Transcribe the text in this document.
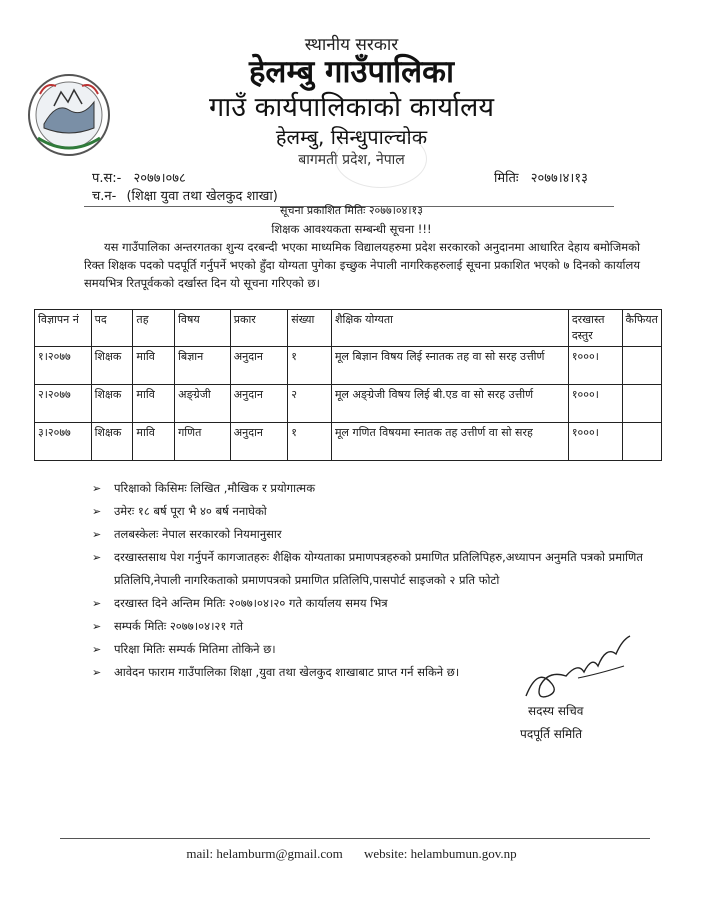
स्थानीय सरकार
हेलम्बु गाउँपालिका
गाउँ कार्यपालिकाको कार्यालय
हेलम्बु, सिन्धुपाल्चोक
बागमती प्रदेश, नेपाल
प.स:- २०७७।०७८
च.न- (शिक्षा युवा तथा खेलकुद शाखा)
मितिः २०७७।४।१३
सूचना प्रकाशित मितिः २०७७।०४।१३
शिक्षक आवश्यकता सम्बन्धी सूचना !!!
यस गाउँपालिका अन्तरगतका शुन्य दरबन्दी भएका माध्यमिक विद्यालयहरुमा प्रदेश सरकारको अनुदानमा आधारित देहाय बमोजिमको रिक्त शिक्षक पदको पदपूर्ति गर्नुपर्ने भएको हुँदा योग्यता पुगेका इच्छुक नेपाली नागरिकहरुलाई सूचना प्रकाशित भएको ७ दिनको कार्यालय समयभित्र रितपूर्वकको दर्खास्त दिन यो सूचना गरिएको छ।
विज्ञापन नं	पद	तह	विषय	प्रकार	संख्या	शैक्षिक योग्यता	दरखास्त दस्तुर	कैफियत
१।२०७७	शिक्षक	मावि	बिज्ञान	अनुदान	१	मूल बिज्ञान विषय लिई स्नातक तह वा सो सरह उत्तीर्ण	१०००।	
२।२०७७	शिक्षक	मावि	अङ्ग्रेजी	अनुदान	२	मूल अङ्ग्रेजी विषय लिई बी.एड वा सो सरह उत्तीर्ण	१०००।	
३।२०७७	शिक्षक	मावि	गणित	अनुदान	१	मूल गणित विषयमा स्नातक तह उत्तीर्ण वा सो सरह	१०००।	
➢ परिक्षाको किसिमः लिखित ,मौखिक र प्रयोगात्मक
➢ उमेरः १८ बर्ष पूरा भै ४० बर्ष ननाघेको
➢ तलबस्केलः नेपाल सरकारको नियमानुसार
➢ दरखास्तसाथ पेश गर्नुपर्ने कागजातहरुः शैक्षिक योग्यताका प्रमाणपत्रहरुको प्रमाणित प्रतिलिपिहरु,अध्यापन अनुमति पत्रको प्रमाणित प्रतिलिपि,नेपाली नागरिकताको प्रमाणपत्रको प्रमाणित प्रतिलिपि,पासपोर्ट साइजको २ प्रति फोटो
➢ दरखास्त दिने अन्तिम मितिः २०७७।०४।२० गते कार्यालय समय भित्र
➢ सम्पर्क मितिः २०७७।०४।२१ गते
➢ परिक्षा मितिः सम्पर्क मितिमा तोकिने छ।
➢ आवेदन फाराम गाउँपालिका शिक्षा ,युवा तथा खेलकुद शाखाबाट प्राप्त गर्न सकिने छ।
सदस्य सचिव
पदपूर्ति समिति
mail: helamburm@gmail.com website: helambumun.gov.np
